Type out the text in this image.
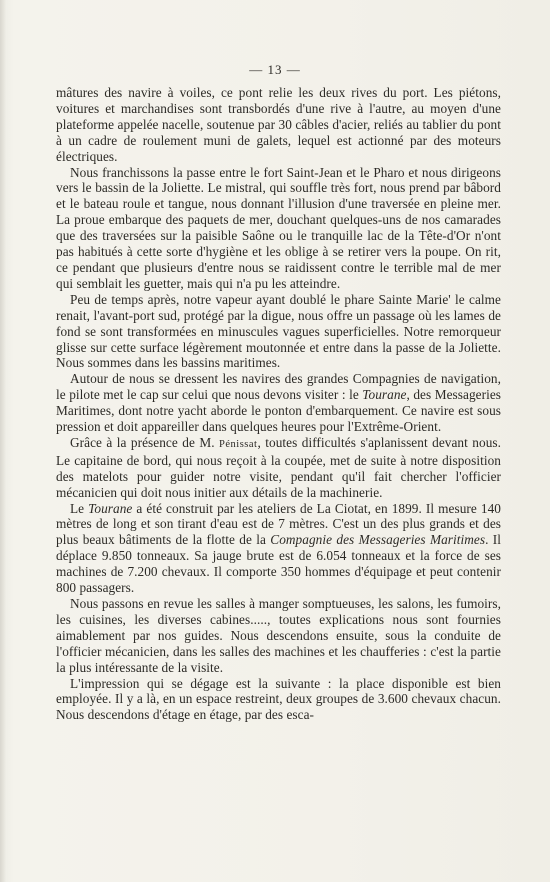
— 13 —

mâtures des navire à voiles, ce pont relie les deux rives du port. Les piétons, voitures et marchandises sont transbordés d'une rive à l'autre, au moyen d'une plateforme appelée nacelle, soutenue par 30 câbles d'acier, reliés au tablier du pont à un cadre de roulement muni de galets, lequel est actionné par des moteurs électriques.

Nous franchissons la passe entre le fort Saint-Jean et le Pharo et nous dirigeons vers le bassin de la Joliette. Le mistral, qui souffle très fort, nous prend par bâbord et le bateau roule et tangue, nous donnant l'illusion d'une traversée en pleine mer. La proue embarque des paquets de mer, douchant quelques-uns de nos camarades que des traversées sur la paisible Saône ou le tranquille lac de la Tête-d'Or n'ont pas habitués à cette sorte d'hygiène et les oblige à se retirer vers la poupe. On rit, ce pendant que plusieurs d'entre nous se raidissent contre le terrible mal de mer qui semblait les guetter, mais qui n'a pu les atteindre.

Peu de temps après, notre vapeur ayant doublé le phare Sainte Marie' le calme renait, l'avant-port sud, protégé par la digue, nous offre un passage où les lames de fond se sont transformées en minuscules vagues superficielles. Notre remorqueur glisse sur cette surface légèrement moutonnée et entre dans la passe de la Joliette. Nous sommes dans les bassins maritimes.

Autour de nous se dressent les navires des grandes Compagnies de navigation, le pilote met le cap sur celui que nous devons visiter : le Tourane, des Messageries Maritimes, dont notre yacht aborde le ponton d'embarquement. Ce navire est sous pression et doit appareiller dans quelques heures pour l'Extrême-Orient.

Grâce à la présence de M. Pénissat, toutes difficultés s'aplanissent devant nous. Le capitaine de bord, qui nous reçoit à la coupée, met de suite à notre disposition des matelots pour guider notre visite, pendant qu'il fait chercher l'officier mécanicien qui doit nous initier aux détails de la machinerie.

Le Tourane a été construit par les ateliers de La Ciotat, en 1899. Il mesure 140 mètres de long et son tirant d'eau est de 7 mètres. C'est un des plus grands et des plus beaux bâtiments de la flotte de la Compagnie des Messageries Maritimes. Il déplace 9.850 tonneaux. Sa jauge brute est de 6.054 tonneaux et la force de ses machines de 7.200 chevaux. Il comporte 350 hommes d'équipage et peut contenir 800 passagers.

Nous passons en revue les salles à manger somptueuses, les salons, les fumoirs, les cuisines, les diverses cabines....., toutes explications nous sont fournies aimablement par nos guides. Nous descendons ensuite, sous la conduite de l'officier mécanicien, dans les salles des machines et les chaufferies : c'est la partie la plus intéressante de la visite.

L'impression qui se dégage est la suivante : la place disponible est bien employée. Il y a là, en un espace restreint, deux groupes de 3.600 chevaux chacun. Nous descendons d'étage en étage, par des esca-
